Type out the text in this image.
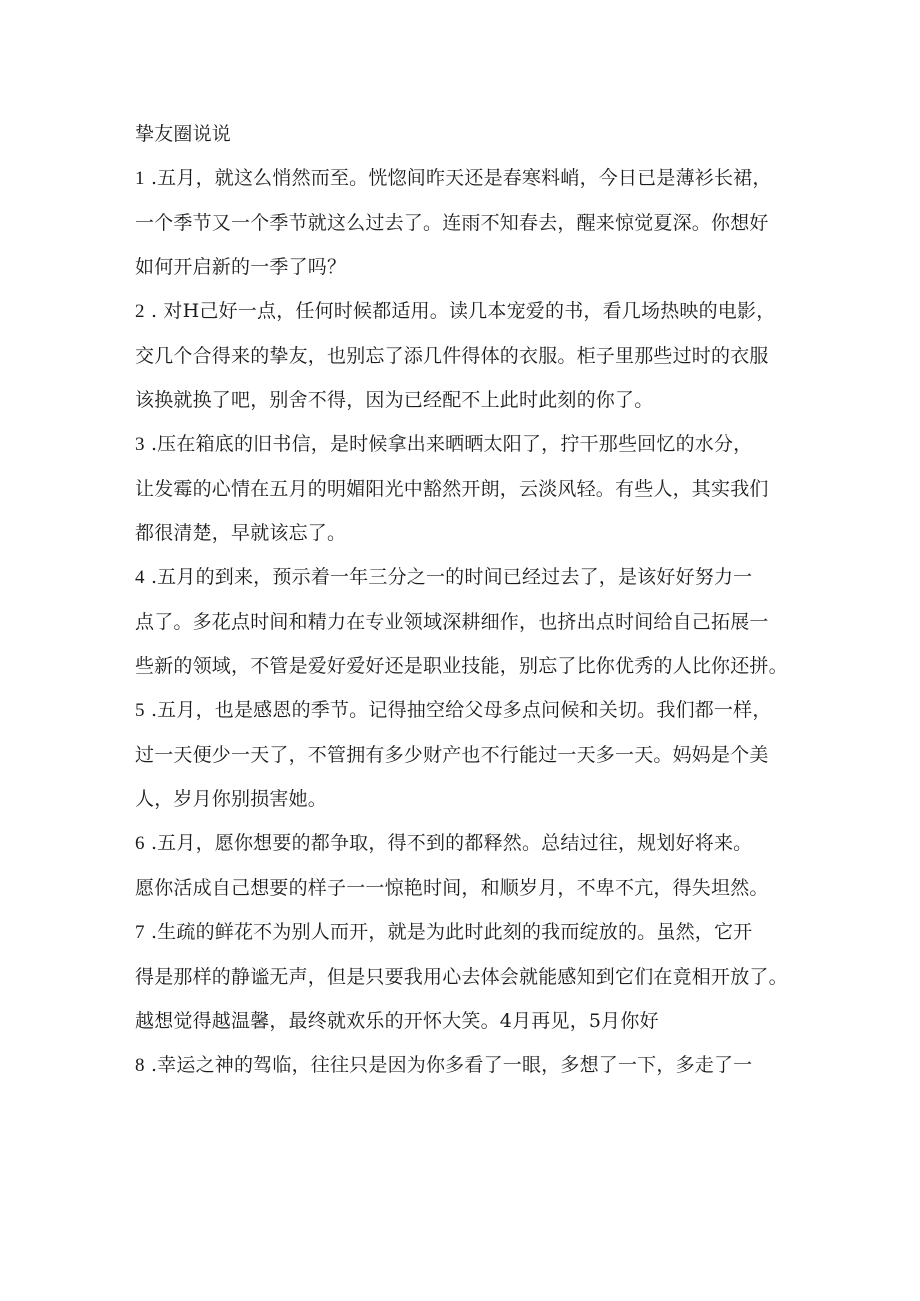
挚友圈说说
1 .五月，就这么悄然而至。恍惚间昨天还是春寒料峭，今日已是薄衫长裙，
一个季节又一个季节就这么过去了。连雨不知春去，醒来惊觉夏深。你想好
如何开启新的一季了吗？
2 . 对H己好一点，任何时候都适用。读几本宠爱的书，看几场热映的电影，
交几个合得来的挚友，也别忘了添几件得体的衣服。柜子里那些过时的衣服
该换就换了吧，别舍不得，因为已经配不上此时此刻的你了。
3 .压在箱底的旧书信，是时候拿出来晒晒太阳了，拧干那些回忆的水分，
让发霉的心情在五月的明媚阳光中豁然开朗，云淡风轻。有些人，其实我们
都很清楚，早就该忘了。
4 .五月的到来，预示着一年三分之一的时间已经过去了，是该好好努力一
点了。多花点时间和精力在专业领域深耕细作，也挤出点时间给自己拓展一
些新的领域，不管是爱好爱好还是职业技能，别忘了比你优秀的人比你还拼。
5 .五月，也是感恩的季节。记得抽空给父母多点问候和关切。我们都一样，
过一天便少一天了，不管拥有多少财产也不行能过一天多一天。妈妈是个美
人，岁月你别损害她。
6 .五月，愿你想要的都争取，得不到的都释然。总结过往，规划好将来。
愿你活成自己想要的样子一一惊艳时间，和顺岁月，不卑不亢，得失坦然。
7 .生疏的鲜花不为别人而开，就是为此时此刻的我而绽放的。虽然，它开
得是那样的静谧无声，但是只要我用心去体会就能感知到它们在竟相开放了。
越想觉得越温馨，最终就欢乐的开怀大笑。4月再见，5月你好
8 .幸运之神的驾临，往往只是因为你多看了一眼，多想了一下，多走了一
